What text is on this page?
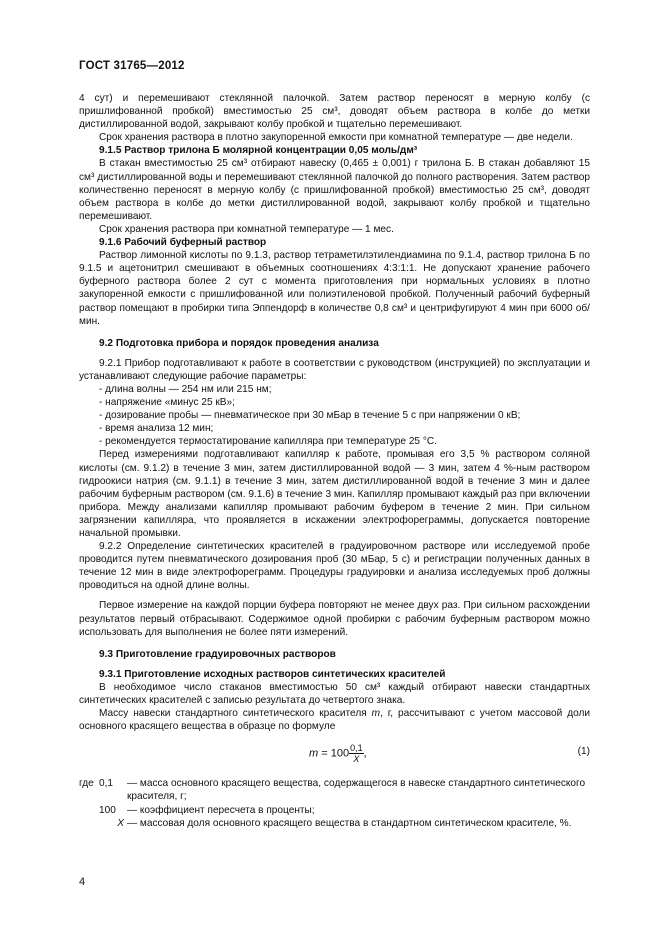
ГОСТ 31765—2012

4 сут) и перемешивают стеклянной палочкой. Затем раствор переносят в мерную колбу (с пришлифованной пробкой) вместимостью 25 см³, доводят объем раствора в колбе до метки дистиллированной водой, закрывают колбу пробкой и тщательно перемешивают.

Срок хранения раствора в плотно закупоренной емкости при комнатной температуре — две недели.

9.1.5 Раствор трилона Б молярной концентрации 0,05 моль/дм³

В стакан вместимостью 25 см³ отбирают навеску (0,465 ± 0,001) г трилона Б. В стакан добавляют 15 см³ дистиллированной воды и перемешивают стеклянной палочкой до полного растворения. Затем раствор количественно переносят в мерную колбу (с пришлифованной пробкой) вместимостью 25 см³, доводят объем раствора в колбе до метки дистиллированной водой, закрывают колбу пробкой и тщательно перемешивают.

Срок хранения раствора при комнатной температуре — 1 мес.

9.1.6 Рабочий буферный раствор

Раствор лимонной кислоты по 9.1.3, раствор тетраметилэтилендиамина по 9.1.4, раствор трилона Б по 9.1.5 и ацетонитрил смешивают в объемных соотношениях 4:3:1:1. Не допускают хранение рабочего буферного раствора более 2 сут с момента приготовления при нормальных условиях в плотно закупоренной емкости с пришлифованной или полиэтиленовой пробкой. Полученный рабочий буферный раствор помещают в пробирки типа Эппендорф в количестве 0,8 см³ и центрифугируют 4 мин при 6000 об/мин.

9.2 Подготовка прибора и порядок проведения анализа

9.2.1 Прибор подготавливают к работе в соответствии с руководством (инструкцией) по эксплуатации и устанавливают следующие рабочие параметры:

- длина волны — 254 нм или 215 нм;
- напряжение «минус 25 кВ»;
- дозирование пробы — пневматическое при 30 мБар в течение 5 с при напряжении 0 кВ;
- время анализа 12 мин;
- рекомендуется термостатирование капилляра при температуре 25 °С.

Перед измерениями подготавливают капилляр к работе, промывая его 3,5 % раствором соляной кислоты (см. 9.1.2) в течение 3 мин, затем дистиллированной водой — 3 мин, затем 4 %-ным раствором гидроокиси натрия (см. 9.1.1) в течение 3 мин, затем дистиллированной водой в течение 3 мин и далее рабочим буферным раствором (см. 9.1.6) в течение 3 мин. Капилляр промывают каждый раз при включении прибора. Между анализами капилляр промывают рабочим буфером в течение 2 мин. При сильном загрязнении капилляра, что проявляется в искажении электрофореграммы, допускается повторение начальной промывки.

9.2.2 Определение синтетических красителей в градуировочном растворе или исследуемой пробе проводится путем пневматического дозирования проб (30 мБар, 5 с) и регистрации полученных данных в течение 12 мин в виде электрофореграмм. Процедуры градуировки и анализа исследуемых проб должны проводиться на одной длине волны.

Первое измерение на каждой порции буфера повторяют не менее двух раз. При сильном расхождении результатов первый отбрасывают. Содержимое одной пробирки с рабочим буферным раствором можно использовать для выполнения не более пяти измерений.

9.3 Приготовление градуировочных растворов

9.3.1 Приготовление исходных растворов синтетических красителей

В необходимое число стаканов вместимостью 50 см³ каждый отбирают навески стандартных синтетических красителей с записью результата до четвертого знака.

Массу навески стандартного синтетического красителя m, г, рассчитывают с учетом массовой доли основного красящего вещества в образце по формуле

$m = 100 \frac{0,1}{X}$ ,	(1)
где	0,1	— масса основного красящего вещества, содержащегося в навеске стандартного синтетического красителя, г;
	100	— коэффициент пересчета в проценты;
	X	— массовая доля основного красящего вещества в стандартном синтетическом красителе, %.
4
